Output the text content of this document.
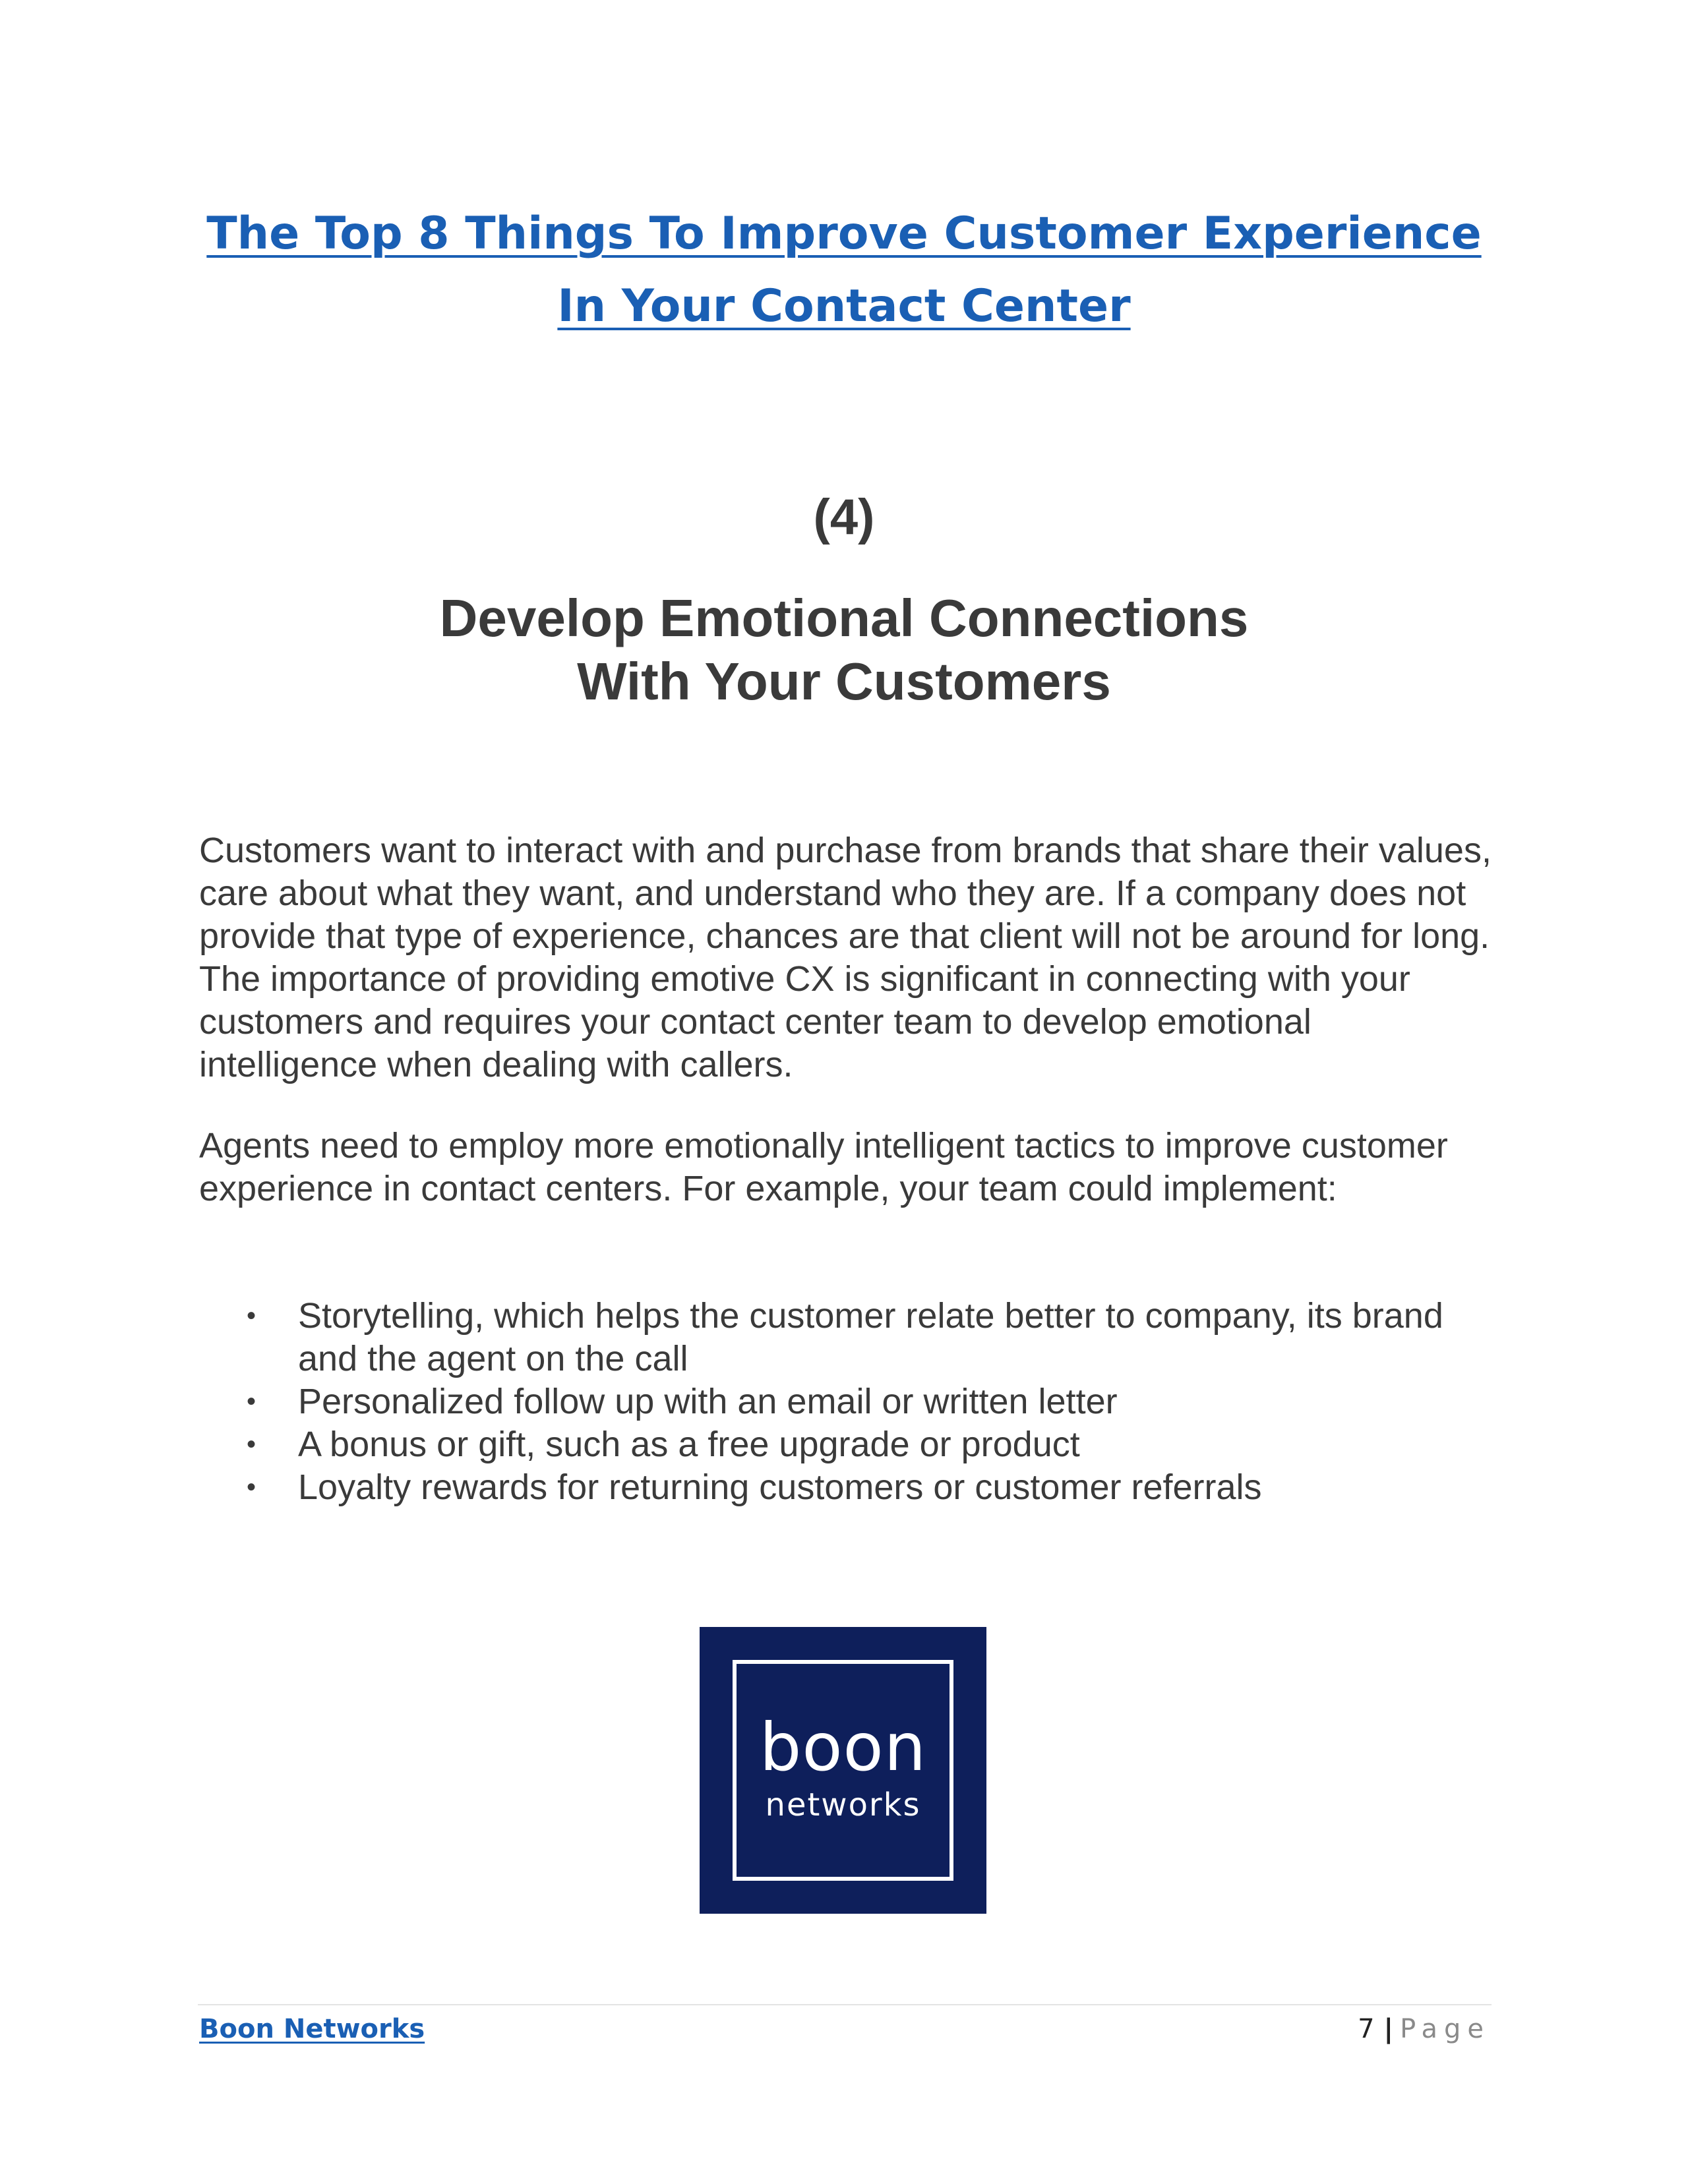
The Top 8 Things To Improve Customer Experience
In Your Contact Center

(4)

Develop Emotional Connections
With Your Customers

Customers want to interact with and purchase from brands that share their values, care about what they want, and understand who they are. If a company does not provide that type of experience, chances are that client will not be around for long. The importance of providing emotive CX is significant in connecting with your customers and requires your contact center team to develop emotional intelligence when dealing with callers.

Agents need to employ more emotionally intelligent tactics to improve customer experience in contact centers. For example, your team could implement:

• Storytelling, which helps the customer relate better to company, its brand and the agent on the call
• Personalized follow up with an email or written letter
• A bonus or gift, such as a free upgrade or product
• Loyalty rewards for returning customers or customer referrals
boon
networks
Boon Networks	7 | Page
